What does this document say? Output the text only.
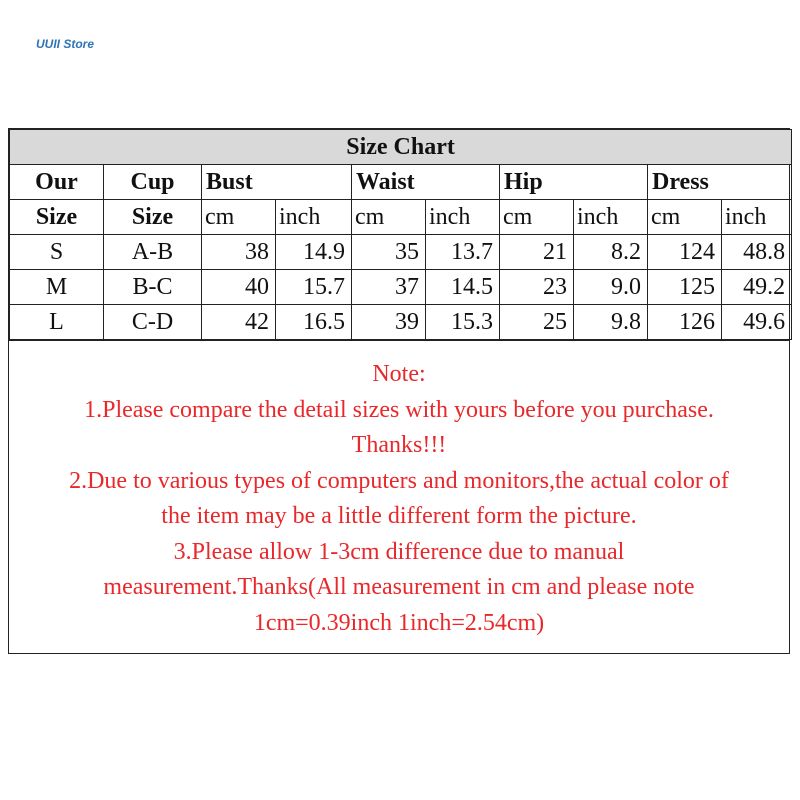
UUII Store
Size Chart									
Our	Cup	Bust		Waist		Hip		Dress	
Size	Size	cm	inch	cm	inch	cm	inch	cm	inch
S	A-B	38	14.9	35	13.7	21	8.2	124	48.8
M	B-C	40	15.7	37	14.5	23	9.0	125	49.2
L	C-D	42	16.5	39	15.3	25	9.8	126	49.6
Note:
1.Please compare the detail sizes with yours before you purchase.
Thanks!!!
2.Due to various types of computers and monitors,the actual color of
the item may be a little different form the picture.
3.Please allow 1-3cm difference due to manual
measurement.Thanks(All measurement in cm and please note
1cm=0.39inch 1inch=2.54cm)
